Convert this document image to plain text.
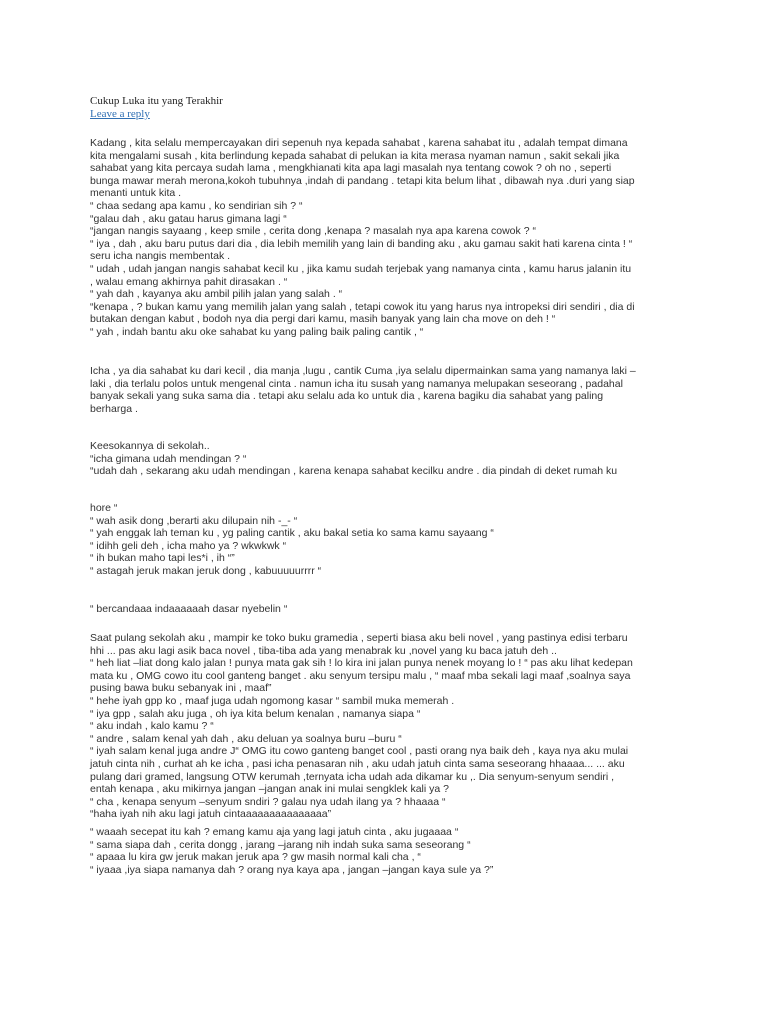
Cukup Luka itu yang Terakhir
Leave a reply
Kadang , kita selalu mempercayakan diri sepenuh nya kepada sahabat , karena sahabat itu , adalah tempat dimana
kita mengalami susah , kita berlindung kepada sahabat di pelukan ia kita merasa nyaman namun , sakit sekali jika
sahabat yang kita percaya sudah lama , mengkhianati kita apa lagi masalah nya tentang cowok ? oh no , seperti
bunga mawar merah merona,kokoh tubuhnya ,indah di pandang . tetapi kita belum lihat , dibawah nya .duri yang siap
menanti untuk kita .
“ chaa sedang apa kamu , ko sendirian sih ? “
“galau dah , aku gatau harus gimana lagi “
“jangan nangis sayaang , keep smile , cerita dong ,kenapa ? masalah nya apa karena cowok ? “
“ iya , dah , aku baru putus dari dia , dia lebih memilih yang lain di banding aku , aku gamau sakit hati karena cinta ! “
seru icha nangis membentak .
“ udah , udah jangan nangis sahabat kecil ku , jika kamu sudah terjebak yang namanya cinta , kamu harus jalanin itu
, walau emang akhirnya pahit dirasakan . “
“ yah dah , kayanya aku ambil pilih jalan yang salah . “
“kenapa , ? bukan kamu yang memilih jalan yang salah , tetapi cowok itu yang harus nya intropeksi diri sendiri , dia di
butakan dengan kabut , bodoh nya dia pergi dari kamu, masih banyak yang lain cha move on deh ! “
“ yah , indah bantu aku oke sahabat ku yang paling baik paling cantik , “
Icha , ya dia sahabat ku dari kecil , dia manja ,lugu , cantik Cuma ,iya selalu dipermainkan sama yang namanya laki –
laki , dia terlalu polos untuk mengenal cinta . namun icha itu susah yang namanya melupakan seseorang , padahal
banyak sekali yang suka sama dia . tetapi aku selalu ada ko untuk dia , karena bagiku dia sahabat yang paling
berharga .
Keesokannya di sekolah..
“icha gimana udah mendingan ? “
“udah dah , sekarang aku udah mendingan , karena kenapa sahabat kecilku andre . dia pindah di deket rumah ku
hore “
“ wah asik dong ,berarti aku dilupain nih -_- “
“ yah enggak lah teman ku , yg paling cantik , aku bakal setia ko sama kamu sayaang “
“ idihh geli deh , icha maho ya ? wkwkwk “
“ ih bukan maho tapi les*i , ih “”
“ astagah jeruk makan jeruk dong , kabuuuuurrrr “
“ bercandaaa indaaaaaah dasar nyebelin “
Saat pulang sekolah aku , mampir ke toko buku gramedia , seperti biasa aku beli novel , yang pastinya edisi terbaru
hhi ... pas aku lagi asik baca novel , tiba-tiba ada yang menabrak ku ,novel yang ku baca jatuh deh ..
“ heh liat –liat dong kalo jalan ! punya mata gak sih ! lo kira ini jalan punya nenek moyang lo ! “ pas aku lihat kedepan
mata ku , OMG cowo itu cool ganteng banget . aku senyum tersipu malu , “ maaf mba sekali lagi maaf ,soalnya saya
pusing bawa buku sebanyak ini , maaf”
“ hehe iyah gpp ko , maaf juga udah ngomong kasar “ sambil muka memerah .
“ iya gpp , salah aku juga , oh iya kita belum kenalan , namanya siapa “
“ aku indah , kalo kamu ? “
“ andre , salam kenal yah dah , aku deluan ya soalnya buru –buru “
“ iyah salam kenal juga andre J“ OMG itu cowo ganteng banget cool , pasti orang nya baik deh , kaya nya aku mulai
jatuh cinta nih , curhat ah ke icha , pasi icha penasaran nih , aku udah jatuh cinta sama seseorang hhaaaa... ... aku
pulang dari gramed, langsung OTW kerumah ,ternyata icha udah ada dikamar ku ,. Dia senyum-senyum sendiri ,
entah kenapa , aku mikirnya jangan –jangan anak ini mulai sengklek kali ya ?
“ cha , kenapa senyum –senyum sndiri ? galau nya udah ilang ya ? hhaaaa “
“haha iyah nih aku lagi jatuh cintaaaaaaaaaaaaaaa”
“ waaah secepat itu kah ? emang kamu aja yang lagi jatuh cinta , aku jugaaaa “
“ sama siapa dah , cerita dongg , jarang –jarang nih indah suka sama seseorang “
“ apaaa lu kira gw jeruk makan jeruk apa ? gw masih normal kali cha , “
“ iyaaa ,iya siapa namanya dah ? orang nya kaya apa , jangan –jangan kaya sule ya ?”
